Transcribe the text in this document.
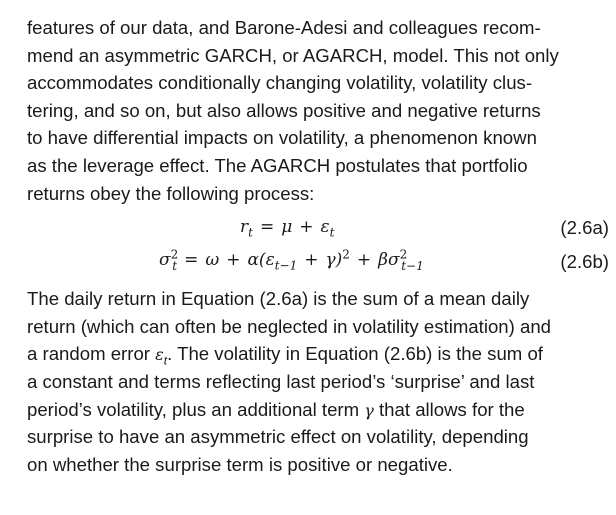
features of our data, and Barone-Adesi and colleagues recom-
mend an asymmetric GARCH, or AGARCH, model. This not only
accommodates conditionally changing volatility, volatility clus-
tering, and so on, but also allows positive and negative returns
to have differential impacts on volatility, a phenomenon known
as the leverage effect. The AGARCH postulates that portfolio
returns obey the following process:
$r_t = \mu + \varepsilon_t$	(2.6a)
$\sigma^2_t = \omega + \alpha(\varepsilon_{t-1} + \gamma)^2 + \beta\sigma^2_{t-1}$	(2.6b)
The daily return in Equation (2.6a) is the sum of a mean daily
return (which can often be neglected in volatility estimation) and
a random error $\varepsilon_t$. The volatility in Equation (2.6b) is the sum of
a constant and terms reflecting last period’s ‘surprise’ and last
period’s volatility, plus an additional term γ that allows for the
surprise to have an asymmetric effect on volatility, depending
on whether the surprise term is positive or negative.
